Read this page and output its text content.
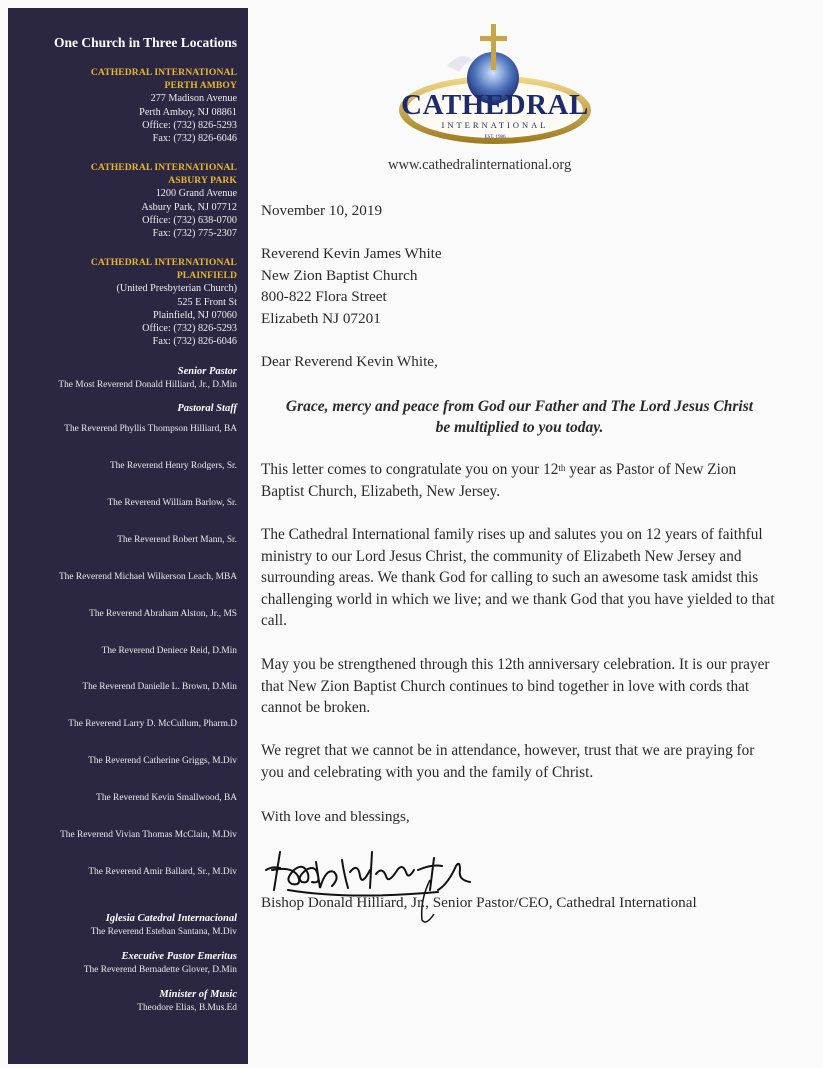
One Church in Three Locations
CATHEDRAL INTERNATIONAL
PERTH AMBOY
277 Madison Avenue
Perth Amboy, NJ 08861
Office: (732) 826-5293
Fax: (732) 826-6046
CATHEDRAL INTERNATIONAL
ASBURY PARK
1200 Grand Avenue
Asbury Park, NJ 07712
Office: (732) 638-0700
Fax: (732) 775-2307
CATHEDRAL INTERNATIONAL
PLAINFIELD
(United Presbyterian Church)
525 E Front St
Plainfield, NJ 07060
Office: (732) 826-5293
Fax: (732) 826-6046
Senior Pastor
The Most Reverend Donald Hilliard, Jr., D.Min
Pastoral Staff
The Reverend Phyllis Thompson Hilliard, BA
The Reverend Henry Rodgers, Sr.
The Reverend William Barlow, Sr.
The Reverend Robert Mann, Sr.
The Reverend Michael Wilkerson Leach, MBA
The Reverend Abraham Alston, Jr., MS
The Reverend Deniece Reid, D.Min
The Reverend Danielle L. Brown, D.Min
The Reverend Larry D. McCullum, Pharm.D
The Reverend Catherine Griggs, M.Div
The Reverend Kevin Smallwood, BA
The Reverend Vivian Thomas McClain, M.Div
The Reverend Amir Ballard, Sr., M.Div
Iglesia Catedral Internacional
The Reverend Esteban Santana, M.Div
Executive Pastor Emeritus
The Reverend Bernadette Glover, D.Min
Minister of Music
Theodore Elias, B.Mus.Ed
CATHEDRAL
INTERNATIONAL
EST. 1986
www.cathedralinternational.org
November 10, 2019
Reverend Kevin James White
New Zion Baptist Church
800-822 Flora Street
Elizabeth NJ 07201
Dear Reverend Kevin White,
Grace, mercy and peace from God our Father and The Lord Jesus Christ
be multiplied to you today.
This letter comes to congratulate you on your 12th year as Pastor of New Zion Baptist Church, Elizabeth, New Jersey.
The Cathedral International family rises up and salutes you on 12 years of faithful ministry to our Lord Jesus Christ, the community of Elizabeth New Jersey and surrounding areas. We thank God for calling to such an awesome task amidst this challenging world in which we live; and we thank God that you have yielded to that call.
May you be strengthened through this 12th anniversary celebration. It is our prayer that New Zion Baptist Church continues to bind together in love with cords that cannot be broken.
We regret that we cannot be in attendance, however, trust that we are praying for you and celebrating with you and the family of Christ.
With love and blessings,
Bishop Donald Hilliard, Jr., Senior Pastor/CEO, Cathedral International
